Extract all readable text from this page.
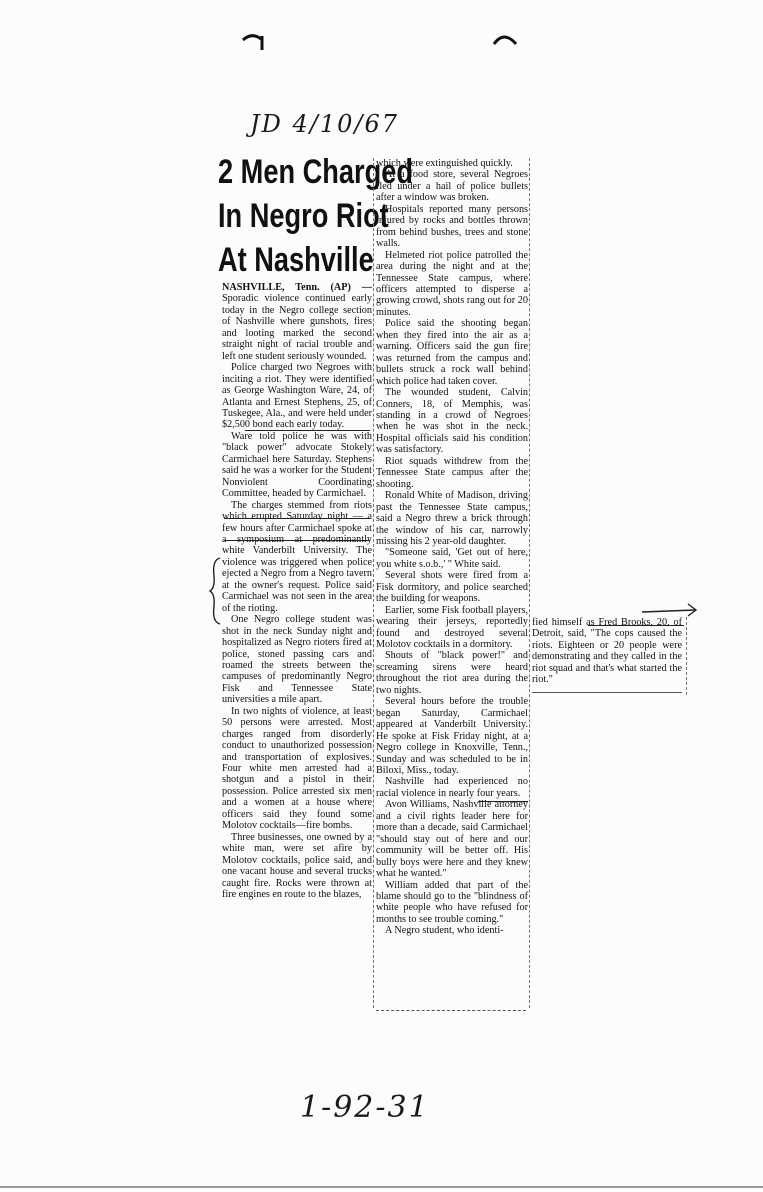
JD 4/10/67
2 Men Charged
In Negro Riot
At Nashville

NASHVILLE, Tenn. (AP) — Sporadic violence continued early today in the Negro college section of Nashville where gunshots, fires and looting marked the second straight night of racial trouble and left one student seriously wounded.

Police charged two Negroes with inciting a riot. They were identified as George Washington Ware, 24, of Atlanta and Ernest Stephens, 25, of Tuskegee, Ala., and were held under $2,500 bond each early today.

Ware told police he was with "black power" advocate Stokely Carmichael here Saturday. Stephens said he was a worker for the Student Nonviolent Coordinating Committee, headed by Carmichael.

The charges stemmed from riots which erupted Saturday night — a few hours after Carmichael spoke at a symposium at predominantly white Vanderbilt University. The violence was triggered when police ejected a Negro from a Negro tavern at the owner's request. Police said Carmichael was not seen in the area of the rioting.

One Negro college student was shot in the neck Sunday night and hospitalized as Negro rioters fired at police, stoned passing cars and roamed the streets between the campuses of predominantly Negro Fisk and Tennessee State universities a mile apart.

In two nights of violence, at least 50 persons were arrested. Most charges ranged from disorderly conduct to unauthorized possession and transportation of explosives. Four white men arrested had a shotgun and a pistol in their possession. Police arrested six men and a women at a house where officers said they found some Molotov cocktails—fire bombs.

Three businesses, one owned by a white man, were set afire by Molotov cocktails, police said, and one vacant house and several trucks caught fire. Rocks were thrown at fire engines en route to the blazes,

which were extinguished quickly.

At a food store, several Negroes fled under a hail of police bullets after a window was broken.

Hospitals reported many persons injured by rocks and bottles thrown from behind bushes, trees and stone walls.

Helmeted riot police patrolled the area during the night and at the Tennessee State campus, where officers attempted to disperse a growing crowd, shots rang out for 20 minutes.

Police said the shooting began when they fired into the air as a warning. Officers said the gun fire was returned from the campus and bullets struck a rock wall behind which police had taken cover.

The wounded student, Calvin Conners, 18, of Memphis, was standing in a crowd of Negroes when he was shot in the neck. Hospital officials said his condition was satisfactory.

Riot squads withdrew from the Tennessee State campus after the shooting.

Ronald White of Madison, driving past the Tennessee State campus, said a Negro threw a brick through the window of his car, narrowly missing his 2 year-old daughter.

"Someone said, 'Get out of here, you white s.o.b.,' " White said.

Several shots were fired from a Fisk dormitory, and police searched the building for weapons.

Earlier, some Fisk football players, wearing their jerseys, reportedly found and destroyed several Molotov cocktails in a dormitory.

Shouts of "black power!" and screaming sirens were heard throughout the riot area during the two nights.

Several hours before the trouble began Saturday, Carmichael appeared at Vanderbilt University. He spoke at Fisk Friday night, at a Negro college in Knoxville, Tenn., Sunday and was scheduled to be in Biloxi, Miss., today.

Nashville had experienced no racial violence in nearly four years.

Avon Williams, Nashville attorney and a civil rights leader here for more than a decade, said Carmichael "should stay out of here and our community will be better off. His bully boys were here and they knew what he wanted."

William added that part of the blame should go to the "blindness of white people who have refused for months to see trouble coming."

A Negro student, who identi-

fied himself as Fred Brooks, 20, of Detroit, said, "The cops caused the riots. Eighteen or 20 people were demonstrating and they called in the riot squad and that's what started the riot."

1-92-31
